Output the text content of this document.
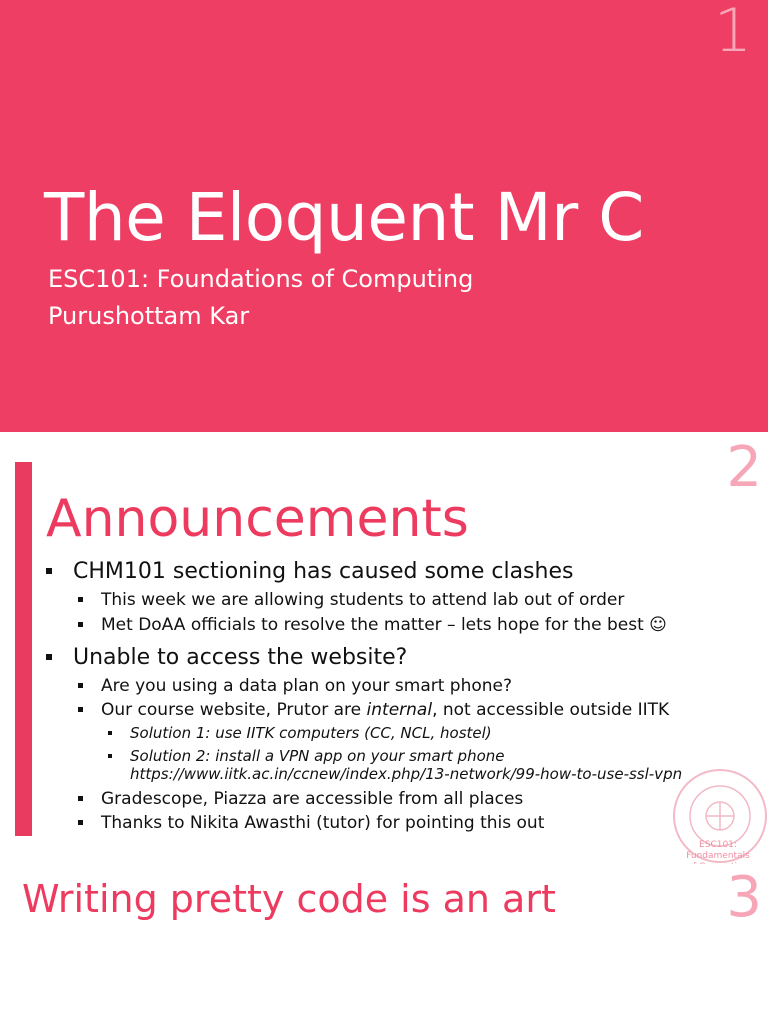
1
The Eloquent Mr C
ESC101: Foundations of Computing
Purushottam Kar
2
Announcements
CHM101 sectioning has caused some clashes
This week we are allowing students to attend lab out of order
Met DoAA officials to resolve the matter – lets hope for the best ☺
Unable to access the website?
Are you using a data plan on your smart phone?
Our course website, Prutor are internal, not accessible outside IITK
Solution 1: use IITK computers (CC, NCL, hostel)
Solution 2: install a VPN app on your smart phone
https://www.iitk.ac.in/ccnew/index.php/13-network/99-how-to-use-ssl-vpn
Gradescope, Piazza are accessible from all places
Thanks to Nikita Awasthi (tutor) for pointing this out
ESC101: Fundamentals
3
Writing pretty code is an art
